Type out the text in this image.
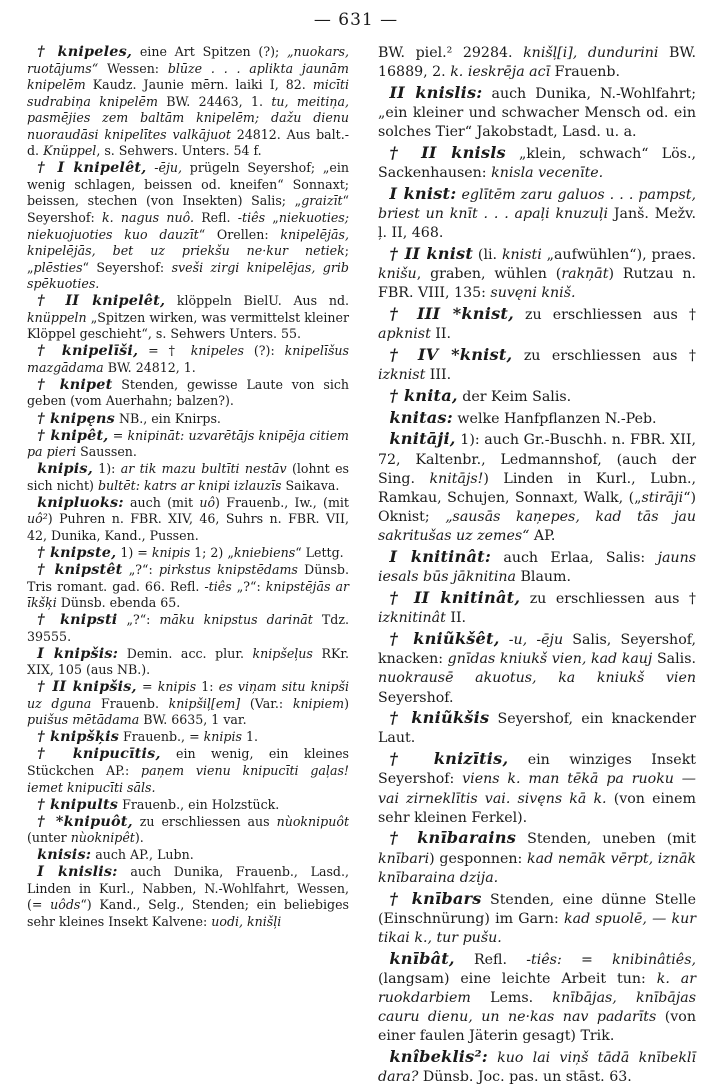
— 631 —

† knipeles, eine Art Spitzen (?); „nuokars, ruotājums“ Wessen: blūze . . . aplikta jaunām knipelēm Kaudz. Jaunie mērn. laiki I, 82. micīti sudrabiņa knipelēm BW. 24463, 1. tu, meitiņa, pasmējies zem baltām knipelēm; dažu dienu nuoraudāsi knipelītes valkājuot 24812. Aus balt.-d. Knüppel, s. Sehwers. Unters. 54 f.

† I knipelêt, -ēju, prügeln Seyershof; „ein wenig schlagen, beissen od. kneifen“ Sonnaxt; beissen, stechen (von Insekten) Salis; „graizīt“ Seyershof: k. nagus nuô. Refl. -tiês „niekuoties; niekuojuoties kuo dauzīt“ Orellen: knipelējās, knipelējās, bet uz priekšu ne·kur netiek; „plēsties“ Seyershof: sveši zirgi knipelējas, grib spēkuoties.

† II knipelêt, klöppeln BielU. Aus nd. knüppeln „Spitzen wirken, was vermittelst kleiner Klöppel geschieht“, s. Sehwers Unters. 55.

† knipelīši, = † knipeles (?): knipelīšus mazgādama BW. 24812, 1.

† knipet Stenden, gewisse Laute von sich geben (vom Auerhahn; balzen?).

† knipęns NB., ein Knirps.

† knipêt, = knipināt: uzvarētājs knipēja citiem pa pieri Saussen.

knipis, 1): ar tik mazu bultīti nestāv (lohnt es sich nicht) bultēt: katrs ar knipi izlauzīs Saikava.

knipluoks: auch (mit uô) Frauenb., Iw., (mit uô²) Puhren n. FBR. XIV, 46, Suhrs n. FBR. VII, 42, Dunika, Kand., Pussen.

† knipste, 1) = knipis 1; 2) „kniebiens“ Lettg.

† knipstêt „?“: pirkstus knipstēdams Dünsb. Tris romant. gad. 66. Refl. -tiês „?“: knipstējās ar īkšķi Dünsb. ebenda 65.

† knipsti „?“: māku knipstus darināt Tdz. 39555.

I knipšis: Demin. acc. plur. knipšeļus RKr. XIX, 105 (aus NB.).

† II knipšis, = knipis 1: es viņam situ knipši uz dguna Frauenb. knipšiļ[em] (Var.: knipiem) puišus mētādama BW. 6635, 1 var.

† knipšķis Frauenb., = knipis 1.

† knipucītis, ein wenig, ein kleines Stückchen AP.: paņem vienu knipucīti gaļas! iemet knipucīti sāls.

† knipults Frauenb., ein Holzstück.

† *knipuôt, zu erschliessen aus nùoknipuôt (unter nùoknipêt).

knisis: auch AP., Lubn.

I knislis: auch Dunika, Frauenb., Lasd., Linden in Kurl., Nabben, N.-Wohlfahrt, Wessen, (= uôds“) Kand., Selg., Stenden; ein beliebiges sehr kleines Insekt Kalvene: uodi, knišļi

BW. piel.² 29284. knišļ[i], dundurini BW. 16889, 2. k. ieskrēja acī Frauenb.

II knislis: auch Dunika, N.-Wohlfahrt; „ein kleiner und schwacher Mensch od. ein solches Tier“ Jakobstadt, Lasd. u. a.

† II knisls „klein, schwach“ Lös., Sackenhausen: knisla vecenīte.

I knist: eglītēm zaru galuos . . . pampst, briest un knīt . . . apaļi knuzuļi Janš. Mežv. ļ. II, 468.

† II knist (li. knisti „aufwühlen“), praes. knišu, graben, wühlen (rakņāt) Rutzau n. FBR. VIII, 135: suvęni kniš.

† III *knist, zu erschliessen aus † apknist II.

† IV *knist, zu erschliessen aus † izknist III.

† knita, der Keim Salis.

knitas: welke Hanfpflanzen N.-Peb.

knitāji, 1): auch Gr.-Buschh. n. FBR. XII, 72, Kaltenbr., Ledmannshof, (auch der Sing. knitājs!) Linden in Kurl., Lubn., Ramkau, Schujen, Sonnaxt, Walk, („stirāji“) Oknist; „sausās kaņepes, kad tās jau sakritušas uz zemes“ AP.

I knitinât: auch Erlaa, Salis: jauns iesals būs jāknitina Blaum.

† II knitinât, zu erschliessen aus † izknitinât II.

† kniũkšêt, -u, -ēju Salis, Seyershof, knacken: gnīdas kniukš vien, kad kauj Salis. nuokrausē akuotus, ka kniukš vien Seyershof.

† kniũkšis Seyershof, ein knackender Laut.

† knizītis, ein winziges Insekt Seyershof: viens k. man tēkā pa ruoku — vai zirneklītis vai. sivęns kā k. (von einem sehr kleinen Ferkel).

† knībarains Stenden, uneben (mit knībari) gesponnen: kad nemāk vērpt, iznāk knībaraina dzija.

† knībars Stenden, eine dünne Stelle (Einschnürung) im Garn: kad spuolē, — kur tikai k., tur pušu.

knībât, Refl. -tiês: = knibinâtiês, (langsam) eine leichte Arbeit tun: k. ar ruokdarbiem Lems. knībājas, knībājas cauru dienu, un ne·kas nav padarīts (von einer faulen Jäterin gesagt) Trik.

knîbeklis²: kuo lai viņš tādā knībeklī dara? Dünsb. Joc. pas. un stāst. 63.
